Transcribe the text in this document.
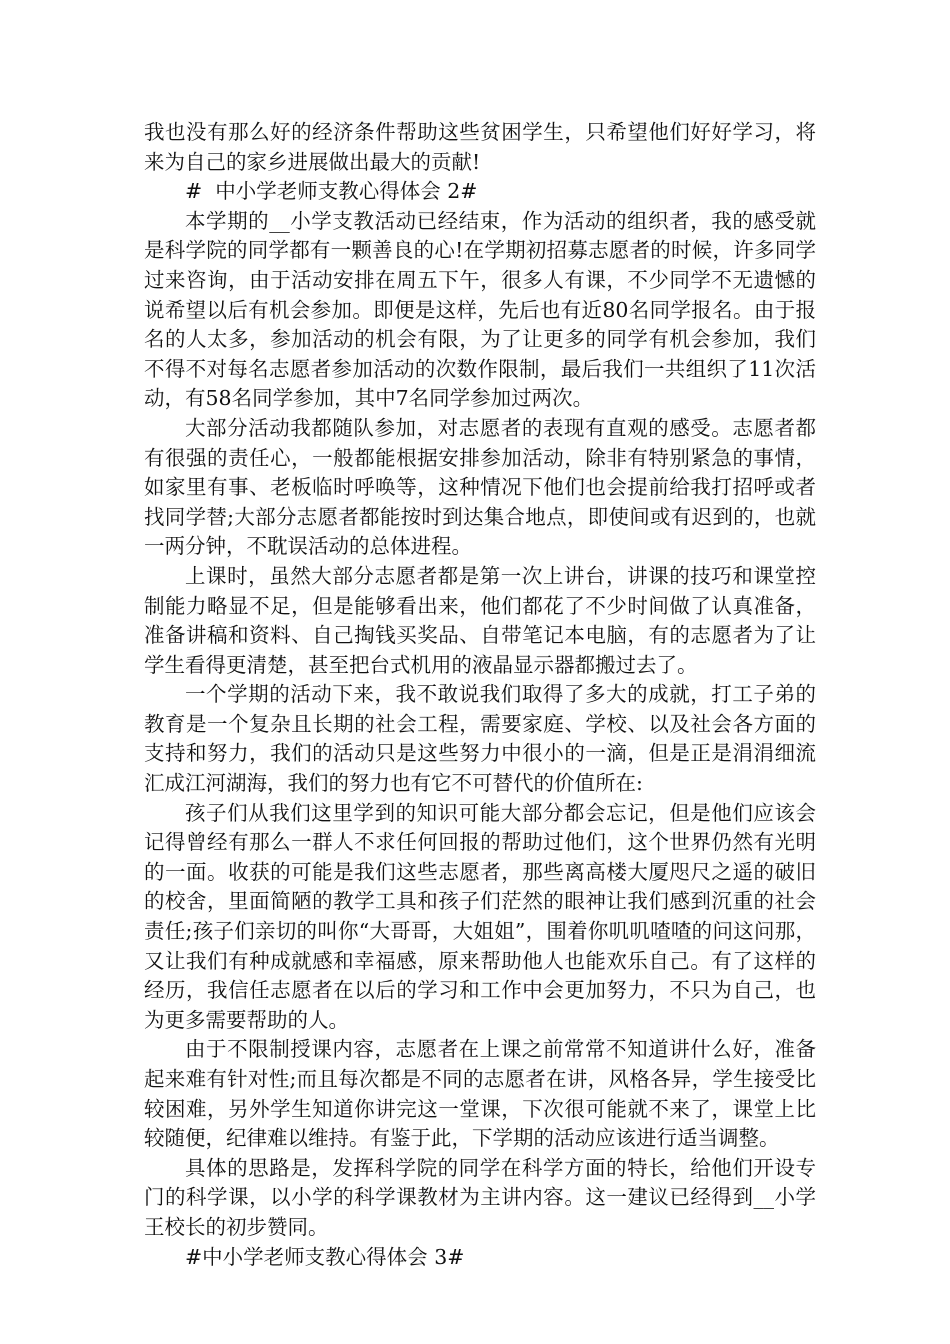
我也没有那么好的经济条件帮助这些贫困学生，只希望他们好好学习，将来为自己的家乡进展做出最大的贡献!

#  中小学老师支教心得体会 2#

本学期的__小学支教活动已经结束，作为活动的组织者，我的感受就是科学院的同学都有一颗善良的心!在学期初招募志愿者的时候，许多同学过来咨询，由于活动安排在周五下午，很多人有课，不少同学不无遗憾的说希望以后有机会参加。即便是这样，先后也有近80名同学报名。由于报名的人太多，参加活动的机会有限，为了让更多的同学有机会参加，我们不得不对每名志愿者参加活动的次数作限制，最后我们一共组织了11次活动，有58名同学参加，其中7名同学参加过两次。

大部分活动我都随队参加，对志愿者的表现有直观的感受。志愿者都有很强的责任心，一般都能根据安排参加活动，除非有特别紧急的事情，如家里有事、老板临时呼唤等，这种情况下他们也会提前给我打招呼或者找同学替;大部分志愿者都能按时到达集合地点，即使间或有迟到的，也就一两分钟，不耽误活动的总体进程。

上课时，虽然大部分志愿者都是第一次上讲台，讲课的技巧和课堂控制能力略显不足，但是能够看出来，他们都花了不少时间做了认真准备，准备讲稿和资料、自己掏钱买奖品、自带笔记本电脑，有的志愿者为了让学生看得更清楚，甚至把台式机用的液晶显示器都搬过去了。

一个学期的活动下来，我不敢说我们取得了多大的成就，打工子弟的教育是一个复杂且长期的社会工程，需要家庭、学校、以及社会各方面的支持和努力，我们的活动只是这些努力中很小的一滴，但是正是涓涓细流汇成江河湖海，我们的努力也有它不可替代的价值所在:

孩子们从我们这里学到的知识可能大部分都会忘记，但是他们应该会记得曾经有那么一群人不求任何回报的帮助过他们，这个世界仍然有光明的一面。收获的可能是我们这些志愿者，那些离高楼大厦咫尺之遥的破旧的校舍，里面简陋的教学工具和孩子们茫然的眼神让我们感到沉重的社会责任;孩子们亲切的叫你“大哥哥，大姐姐”，围着你叽叽喳喳的问这问那，又让我们有种成就感和幸福感，原来帮助他人也能欢乐自己。有了这样的经历，我信任志愿者在以后的学习和工作中会更加努力，不只为自己，也为更多需要帮助的人。

由于不限制授课内容，志愿者在上课之前常常不知道讲什么好，准备起来难有针对性;而且每次都是不同的志愿者在讲，风格各异，学生接受比较困难，另外学生知道你讲完这一堂课，下次很可能就不来了，课堂上比较随便，纪律难以维持。有鉴于此，下学期的活动应该进行适当调整。

具体的思路是，发挥科学院的同学在科学方面的特长，给他们开设专门的科学课，以小学的科学课教材为主讲内容。这一建议已经得到__小学王校长的初步赞同。

#中小学老师支教心得体会 3#
